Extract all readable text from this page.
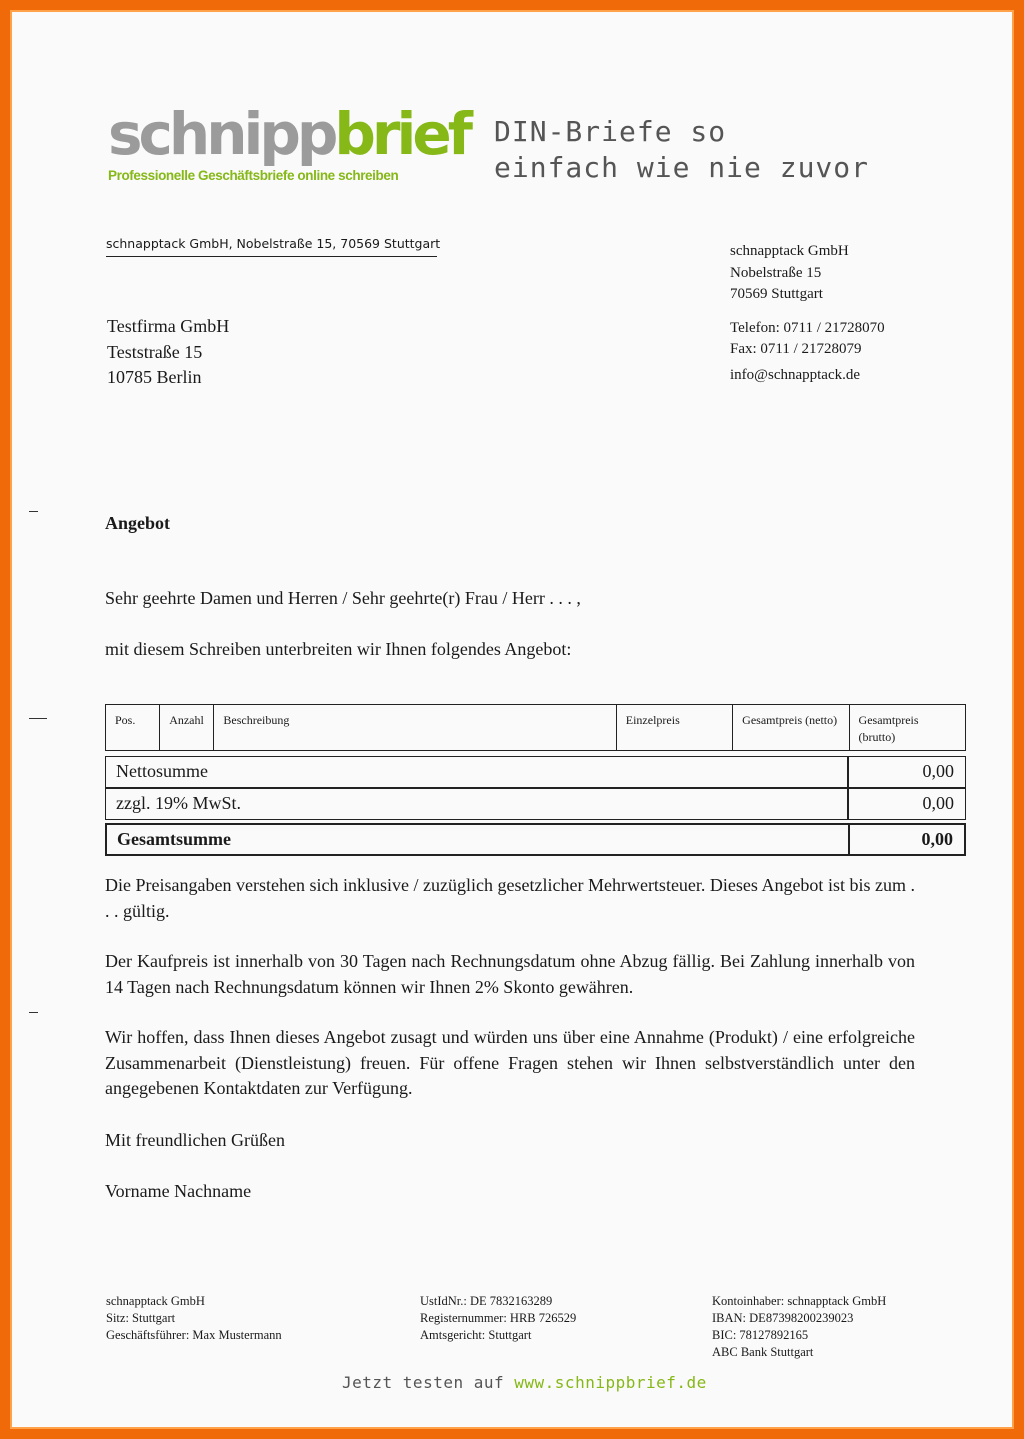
schnippbrief
Professionelle Geschäftsbriefe online schreiben
DIN-Briefe so
einfach wie nie zuvor
schnapptack GmbH, Nobelstraße 15, 70569 Stuttgart
Testfirma GmbH
Teststraße 15
10785 Berlin
schnapptack GmbH
Nobelstraße 15
70569 Stuttgart
Telefon: 0711 / 21728070
Fax: 0711 / 21728079
info@schnapptack.de
Angebot
Sehr geehrte Damen und Herren / Sehr geehrte(r) Frau / Herr . . . ,
mit diesem Schreiben unterbreiten wir Ihnen folgendes Angebot:
Pos.	Anzahl	Beschreibung	Einzelpreis	Gesamtpreis (netto)	Gesamtpreis (brutto)
Nettosumme	0,00
zzgl. 19% MwSt.	0,00
Gesamtsumme	0,00
Die Preisangaben verstehen sich inklusive / zuzüglich gesetzlicher Mehrwertsteuer. Dieses Angebot ist bis zum . . . gültig.
Der Kaufpreis ist innerhalb von 30 Tagen nach Rechnungsdatum ohne Abzug fällig. Bei Zahlung innerhalb von 14 Tagen nach Rechnungsdatum können wir Ihnen 2% Skonto gewähren.
Wir hoffen, dass Ihnen dieses Angebot zusagt und würden uns über eine Annahme (Produkt) / eine erfolgreiche Zusammenarbeit (Dienstleistung) freuen. Für offene Fragen stehen wir Ihnen selbstverständlich unter den angegebenen Kontaktdaten zur Verfügung.
Mit freundlichen Grüßen
Vorname Nachname
schnapptack GmbH
Sitz: Stuttgart
Geschäftsführer: Max Mustermann
UstIdNr.: DE 7832163289
Registernummer: HRB 726529
Amtsgericht: Stuttgart
Kontoinhaber: schnapptack GmbH
IBAN: DE87398200239023
BIC: 78127892165
ABC Bank Stuttgart
Jetzt testen auf www.schnippbrief.de
